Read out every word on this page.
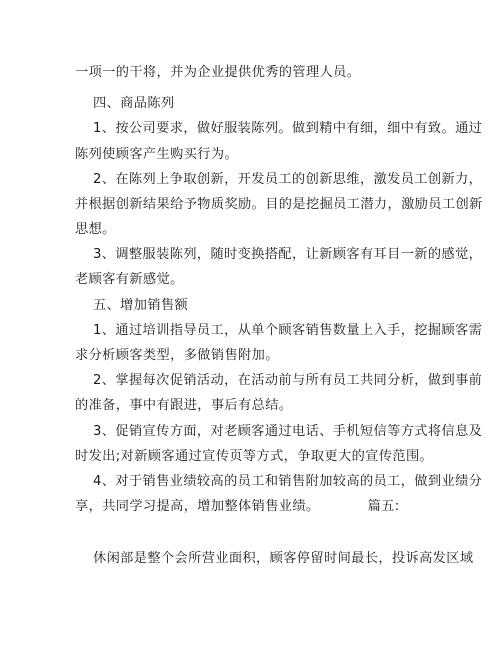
一项一的干将，并为企业提供优秀的管理人员。
四、商品陈列
1、按公司要求，做好服装陈列。做到精中有细，细中有致。通过
陈列使顾客产生购买行为。
2、在陈列上争取创新，开发员工的创新思维，激发员工创新力，
并根据创新结果给予物质奖励。目的是挖掘员工潜力，激励员工创新
思想。
3、调整服装陈列，随时变换搭配，让新顾客有耳目一新的感觉，
老顾客有新感觉。
五、增加销售额
1、通过培训指导员工，从单个顾客销售数量上入手，挖掘顾客需
求分析顾客类型，多做销售附加。
2、掌握每次促销活动，在活动前与所有员工共同分析，做到事前
的准备，事中有跟进，事后有总结。
3、促销宣传方面，对老顾客通过电话、手机短信等方式将信息及
时发出;对新顾客通过宣传页等方式，争取更大的宣传范围。
4、对于销售业绩较高的员工和销售附加较高的员工，做到业绩分
享，共同学习提高，增加整体销售业绩。	篇五:
休闲部是整个会所营业面积，顾客停留时间最长，投诉高发区域
